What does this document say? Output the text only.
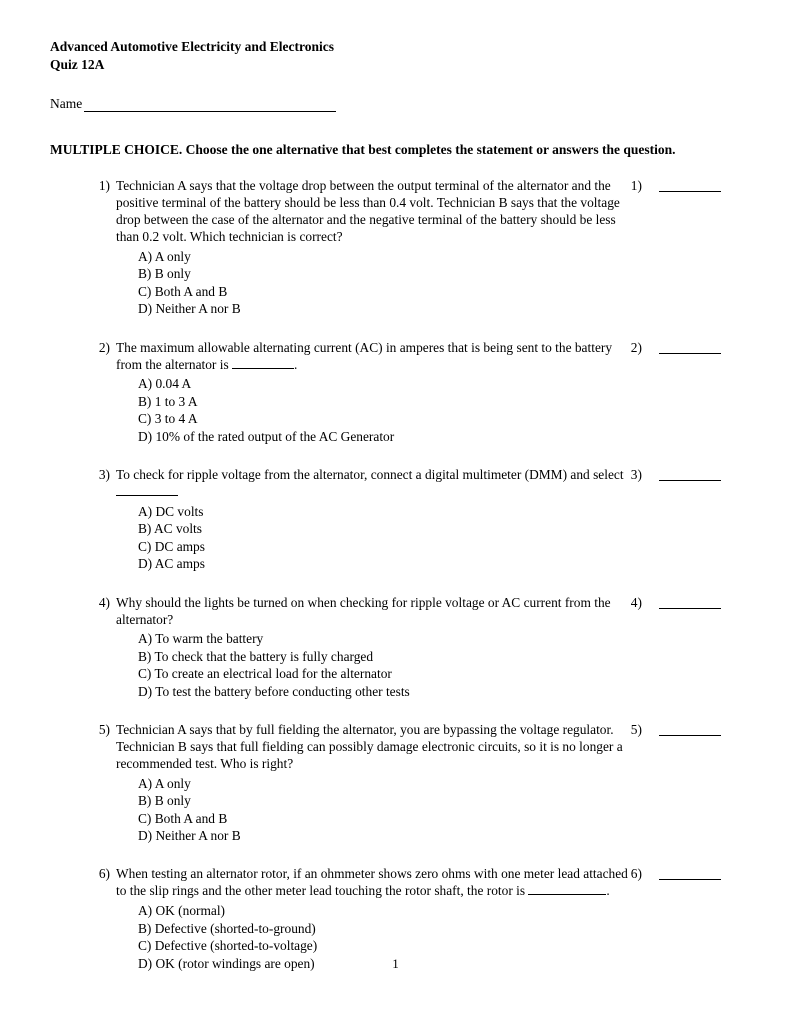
Advanced Automotive Electricity and Electronics
Quiz 12A
Name
MULTIPLE CHOICE. Choose the one alternative that best completes the statement or answers the question.
1) Technician A says that the voltage drop between the output terminal of the alternator and the positive terminal of the battery should be less than 0.4 volt. Technician B says that the voltage drop between the case of the alternator and the negative terminal of the battery should be less than 0.2 volt. Which technician is correct?
A) A only
B) B only
C) Both A and B
D) Neither A nor B
1)
2) The maximum allowable alternating current (AC) in amperes that is being sent to the battery from the alternator is	.
A) 0.04 A
B) 1 to 3 A
C) 3 to 4 A
D) 10% of the rated output of the AC Generator
2)
3) To check for ripple voltage from the alternator, connect a digital multimeter (DMM) and select
A) DC volts
B) AC volts
C) DC amps
D) AC amps
3)
4) Why should the lights be turned on when checking for ripple voltage or AC current from the alternator?
A) To warm the battery
B) To check that the battery is fully charged
C) To create an electrical load for the alternator
D) To test the battery before conducting other tests
4)
5) Technician A says that by full fielding the alternator, you are bypassing the voltage regulator. Technician B says that full fielding can possibly damage electronic circuits, so it is no longer a recommended test. Who is right?
A) A only
B) B only
C) Both A and B
D) Neither A nor B
5)
6) When testing an alternator rotor, if an ohmmeter shows zero ohms with one meter lead attached to the slip rings and the other meter lead touching the rotor shaft, the rotor is	.
A) OK (normal)
B) Defective (shorted-to-ground)
C) Defective (shorted-to-voltage)
D) OK (rotor windings are open)
6)
1
